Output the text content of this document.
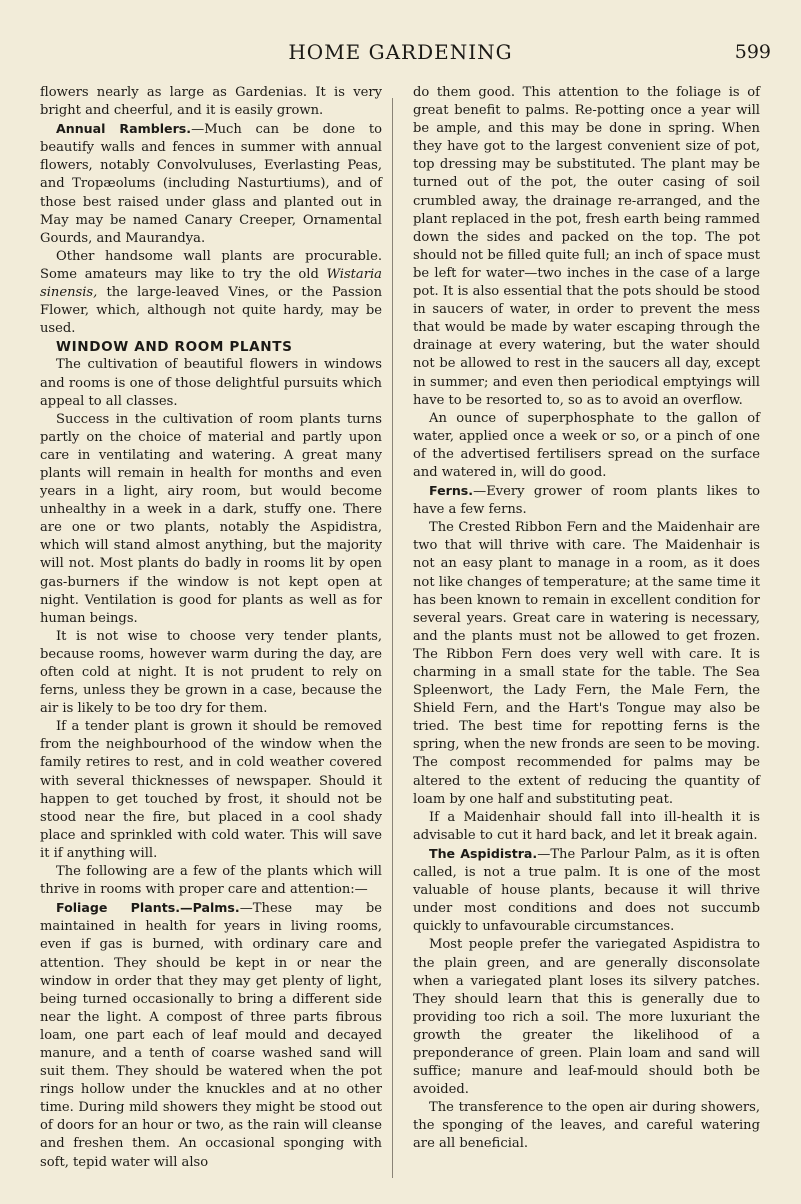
HOME GARDENING	599

flowers nearly as large as Gardenias. It is very bright and cheerful, and it is easily grown.

Annual Ramblers.—Much can be done to beautify walls and fences in summer with annual flowers, notably Convolvuluses, Everlasting Peas, and Tropæolums (including Nasturtiums), and of those best raised under glass and planted out in May may be named Canary Creeper, Ornamental Gourds, and Maurandya.

Other handsome wall plants are procurable. Some amateurs may like to try the old Wistaria sinensis, the large-leaved Vines, or the Passion Flower, which, although not quite hardy, may be used.

WINDOW AND ROOM PLANTS

The cultivation of beautiful flowers in windows and rooms is one of those delightful pursuits which appeal to all classes.

Success in the cultivation of room plants turns partly on the choice of material and partly upon care in ventilating and watering. A great many plants will remain in health for months and even years in a light, airy room, but would become unhealthy in a week in a dark, stuffy one. There are one or two plants, notably the Aspidistra, which will stand almost anything, but the majority will not. Most plants do badly in rooms lit by open gas-burners if the window is not kept open at night. Ventilation is good for plants as well as for human beings.

It is not wise to choose very tender plants, because rooms, however warm during the day, are often cold at night. It is not prudent to rely on ferns, unless they be grown in a case, because the air is likely to be too dry for them.

If a tender plant is grown it should be removed from the neighbourhood of the window when the family retires to rest, and in cold weather covered with several thicknesses of newspaper. Should it happen to get touched by frost, it should not be stood near the fire, but placed in a cool shady place and sprinkled with cold water. This will save it if anything will.

The following are a few of the plants which will thrive in rooms with proper care and attention:—

Foliage Plants.—Palms.—These may be maintained in health for years in living rooms, even if gas is burned, with ordinary care and attention. They should be kept in or near the window in order that they may get plenty of light, being turned occasionally to bring a different side near the light. A compost of three parts fibrous loam, one part each of leaf mould and decayed manure, and a tenth of coarse washed sand will suit them. They should be watered when the pot rings hollow under the knuckles and at no other time. During mild showers they might be stood out of doors for an hour or two, as the rain will cleanse and freshen them. An occasional sponging with soft, tepid water will also

do them good. This attention to the foliage is of great benefit to palms. Re-potting once a year will be ample, and this may be done in spring. When they have got to the largest convenient size of pot, top dressing may be substituted. The plant may be turned out of the pot, the outer casing of soil crumbled away, the drainage re-arranged, and the plant replaced in the pot, fresh earth being rammed down the sides and packed on the top. The pot should not be filled quite full; an inch of space must be left for water—two inches in the case of a large pot. It is also essential that the pots should be stood in saucers of water, in order to prevent the mess that would be made by water escaping through the drainage at every watering, but the water should not be allowed to rest in the saucers all day, except in summer; and even then periodical emptyings will have to be resorted to, so as to avoid an overflow.

An ounce of superphosphate to the gallon of water, applied once a week or so, or a pinch of one of the advertised fertilisers spread on the surface and watered in, will do good.

Ferns.—Every grower of room plants likes to have a few ferns.

The Crested Ribbon Fern and the Maidenhair are two that will thrive with care. The Maidenhair is not an easy plant to manage in a room, as it does not like changes of temperature; at the same time it has been known to remain in excellent condition for several years. Great care in watering is necessary, and the plants must not be allowed to get frozen. The Ribbon Fern does very well with care. It is charming in a small state for the table. The Sea Spleenwort, the Lady Fern, the Male Fern, the Shield Fern, and the Hart's Tongue may also be tried. The best time for repotting ferns is the spring, when the new fronds are seen to be moving. The compost recommended for palms may be altered to the extent of reducing the quantity of loam by one half and substituting peat.

If a Maidenhair should fall into ill-health it is advisable to cut it hard back, and let it break again.

The Aspidistra.—The Parlour Palm, as it is often called, is not a true palm. It is one of the most valuable of house plants, because it will thrive under most conditions and does not succumb quickly to unfavourable circumstances.

Most people prefer the variegated Aspidistra to the plain green, and are generally disconsolate when a variegated plant loses its silvery patches. They should learn that this is generally due to providing too rich a soil. The more luxuriant the growth the greater the likelihood of a preponderance of green. Plain loam and sand will suffice; manure and leaf-mould should both be avoided.

The transference to the open air during showers, the sponging of the leaves, and careful watering are all beneficial.
